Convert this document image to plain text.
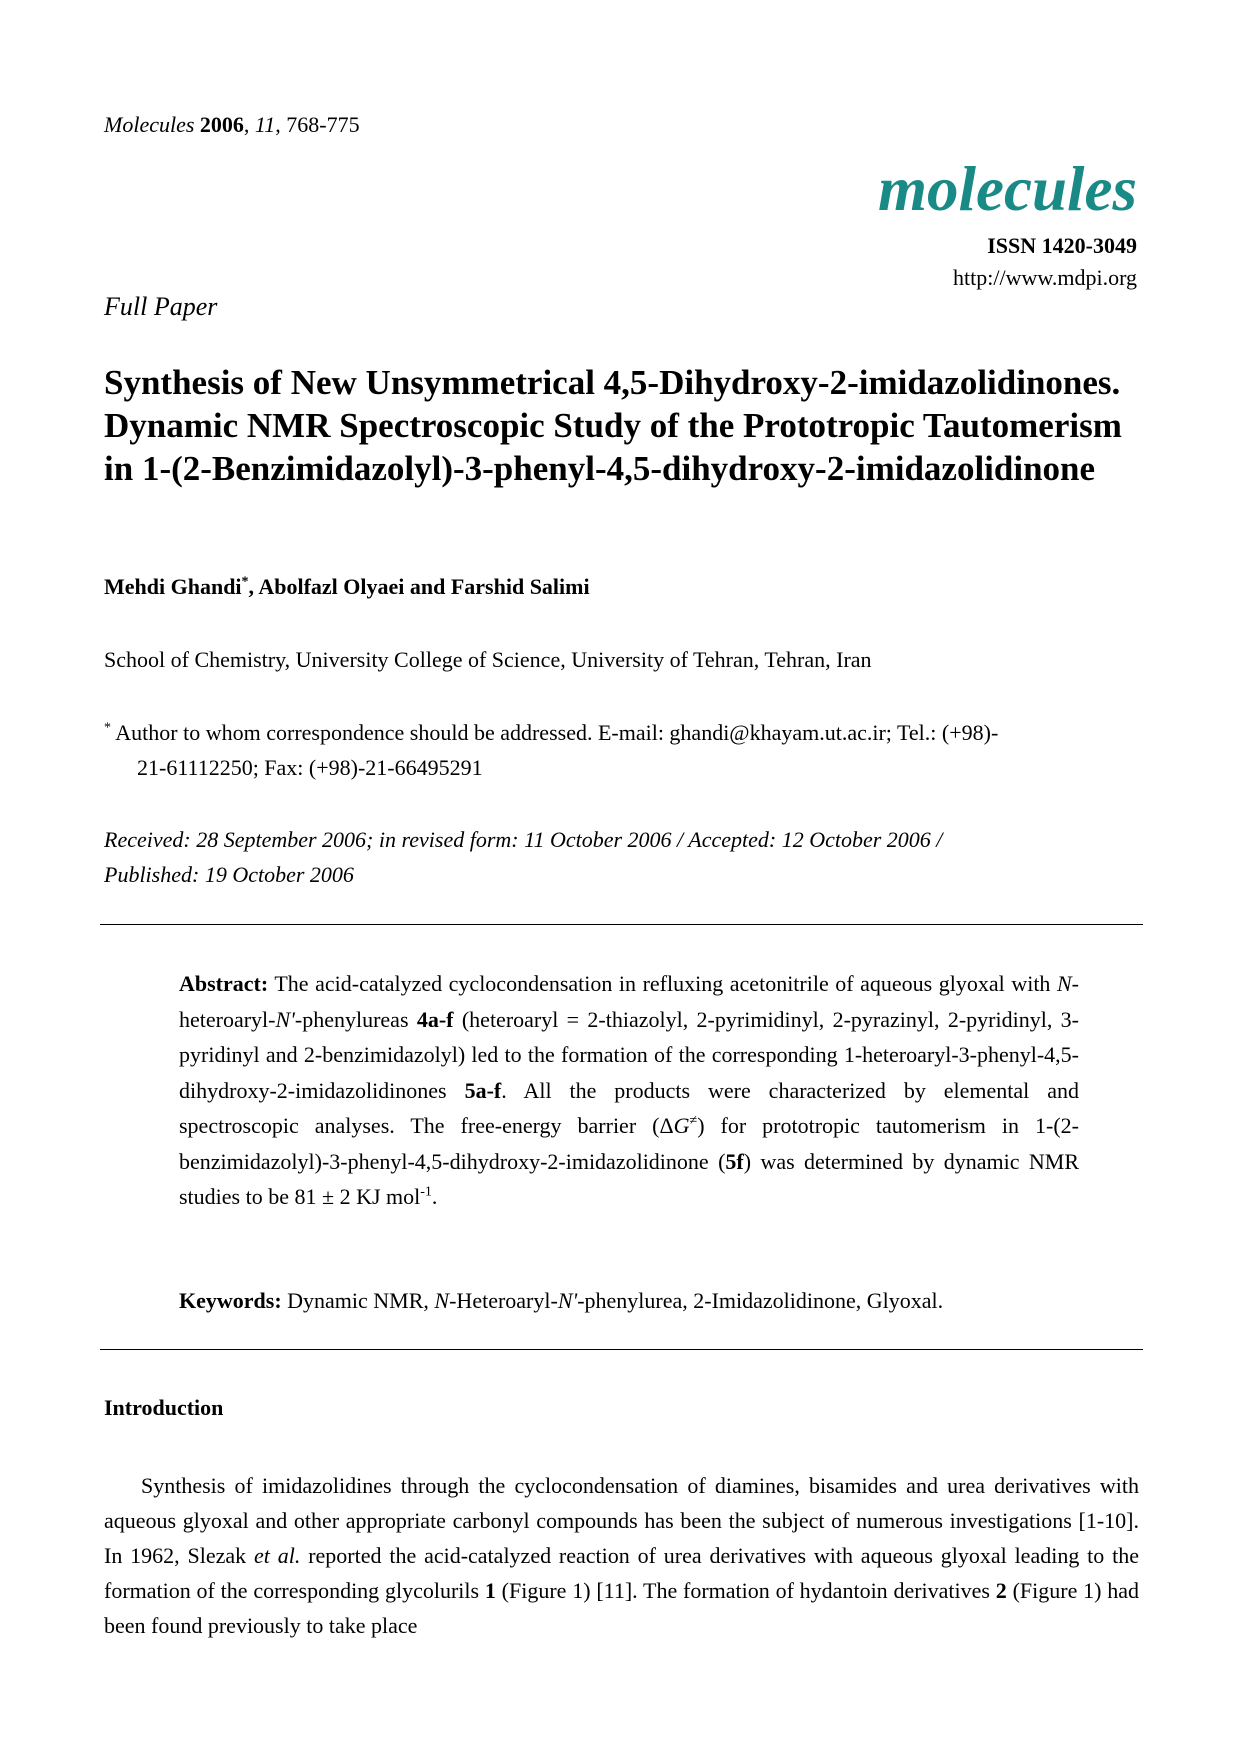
Molecules 2006, 11, 768-775
molecules
ISSN 1420-3049
http://www.mdpi.org
Full Paper
Synthesis of New Unsymmetrical 4,5-Dihydroxy-2-imidazolidinones. Dynamic NMR Spectroscopic Study of the Prototropic Tautomerism in 1-(2-Benzimidazolyl)-3-phenyl-4,5-dihydroxy-2-imidazolidinone
Mehdi Ghandi*, Abolfazl Olyaei and Farshid Salimi
School of Chemistry, University College of Science, University of Tehran, Tehran, Iran
* Author to whom correspondence should be addressed. E-mail: ghandi@khayam.ut.ac.ir; Tel.: (+98)-
21-61112250; Fax: (+98)-21-66495291
Received: 28 September 2006; in revised form: 11 October 2006 / Accepted: 12 October 2006 /
Published: 19 October 2006

Abstract: The acid-catalyzed cyclocondensation in refluxing acetonitrile of aqueous glyoxal with N-heteroaryl-N'-phenylureas 4a-f (heteroaryl = 2-thiazolyl, 2-pyrimidinyl, 2-pyrazinyl, 2-pyridinyl, 3-pyridinyl and 2-benzimidazolyl) led to the formation of the corresponding 1-heteroaryl-3-phenyl-4,5-dihydroxy-2-imidazolidinones 5a-f. All the products were characterized by elemental and spectroscopic analyses. The free-energy barrier (ΔG≠) for prototropic tautomerism in 1-(2-benzimidazolyl)-3-phenyl-4,5-dihydroxy-2-imidazolidinone (5f) was determined by dynamic NMR studies to be 81 ± 2 KJ mol$^{-1}$.

Keywords: Dynamic NMR, N-Heteroaryl-N'-phenylurea, 2-Imidazolidinone, Glyoxal.
Introduction

Synthesis of imidazolidines through the cyclocondensation of diamines, bisamides and urea derivatives with aqueous glyoxal and other appropriate carbonyl compounds has been the subject of numerous investigations [1-10]. In 1962, Slezak et al. reported the acid-catalyzed reaction of urea derivatives with aqueous glyoxal leading to the formation of the corresponding glycolurils 1 (Figure 1) [11]. The formation of hydantoin derivatives 2 (Figure 1) had been found previously to take place
